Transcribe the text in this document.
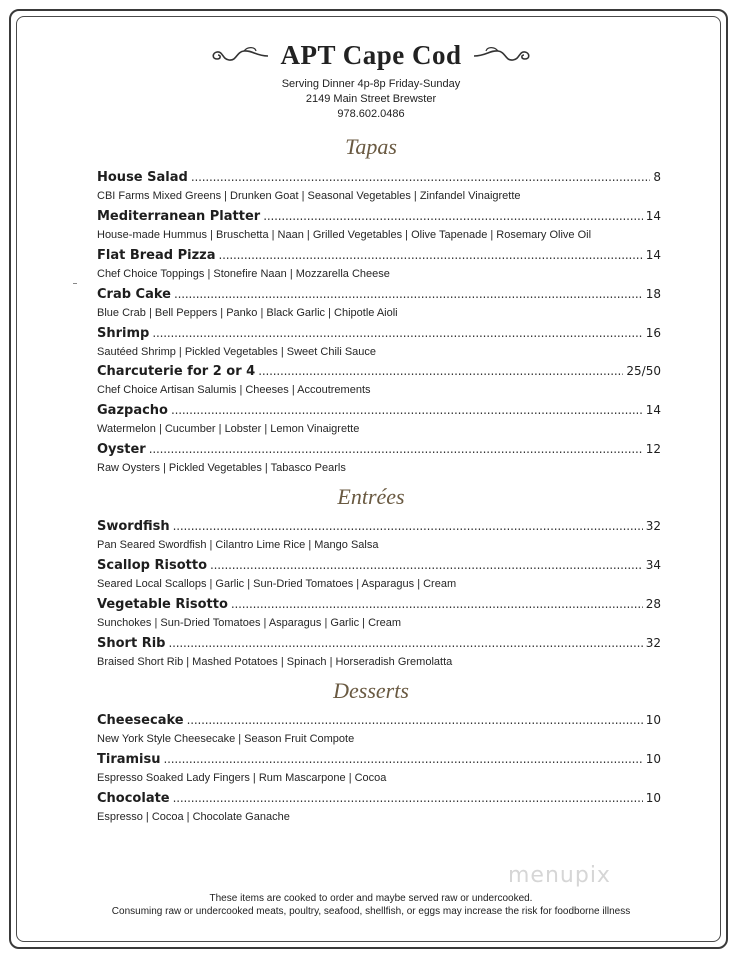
APT Cape Cod
Serving Dinner 4p-8p Friday-Sunday
2149 Main Street Brewster
978.602.0486
Tapas
House Salad . . .	8
CBI Farms Mixed Greens | Drunken Goat | Seasonal Vegetables | Zinfandel Vinaigrette
Mediterranean Platter . . .	14
House-made Hummus | Bruschetta | Naan | Grilled Vegetables | Olive Tapenade | Rosemary Olive Oil
Flat Bread Pizza . . .	14
Chef Choice Toppings | Stonefire Naan | Mozzarella Cheese
Crab Cake . . .	18
Blue Crab | Bell Peppers | Panko | Black Garlic | Chipotle Aioli
Shrimp . . .	16
Sautéed Shrimp | Pickled Vegetables | Sweet Chili Sauce
Charcuterie for 2 or 4 . . .	25/50
Chef Choice Artisan Salumis | Cheeses | Accoutrements
Gazpacho . . .	14
Watermelon | Cucumber | Lobster | Lemon Vinaigrette
Oyster . . .	12
Raw Oysters | Pickled Vegetables | Tabasco Pearls
Entrées
Swordfish . . .	32
Pan Seared Swordfish | Cilantro Lime Rice | Mango Salsa
Scallop Risotto . . .	34
Seared Local Scallops | Garlic | Sun-Dried Tomatoes | Asparagus | Cream
Vegetable Risotto . . .	28
Sunchokes | Sun-Dried Tomatoes | Asparagus | Garlic | Cream
Short Rib . . .	32
Braised Short Rib | Mashed Potatoes | Spinach | Horseradish Gremolatta
Desserts
Cheesecake . . .	10
New York Style Cheesecake | Season Fruit Compote
Tiramisu . . .	10
Espresso Soaked Lady Fingers | Rum Mascarpone | Cocoa
Chocolate . . .	10
Espresso | Cocoa | Chocolate Ganache
menupix
These items are cooked to order and maybe served raw or undercooked.
Consuming raw or undercooked meats, poultry, seafood, shellfish, or eggs may increase the risk for foodborne illness
